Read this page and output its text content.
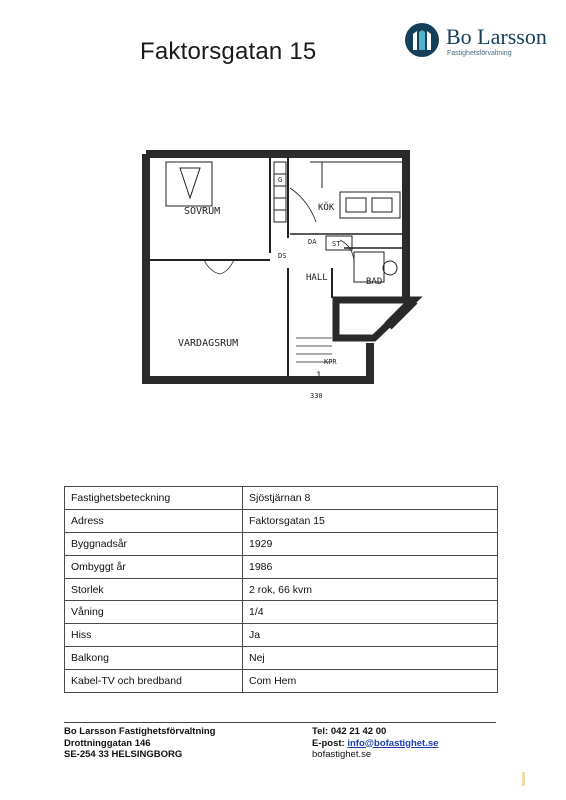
Faktorsgatan 15
Bo Larsson
Fastighetsförvaltning
SOVRUM	KÖK
VARDAGSRUM
HALL	BAD
KPR
DA
DS
ST
G
1
330
Fastighetsbeteckning	Sjöstjärnan 8
Adress	Faktorsgatan 15
Byggnadsår	1929
Ombyggt år	1986
Storlek	2 rok, 66 kvm
Våning	1/4
Hiss	Ja
Balkong	Nej
Kabel-TV och bredband	Com Hem
Bo Larsson Fastighetsförvaltning
Drottninggatan 146
SE-254 33 HELSINGBORG
Tel: 042 21 42 00
E-post: info@bofastighet.se
bofastighet.se
